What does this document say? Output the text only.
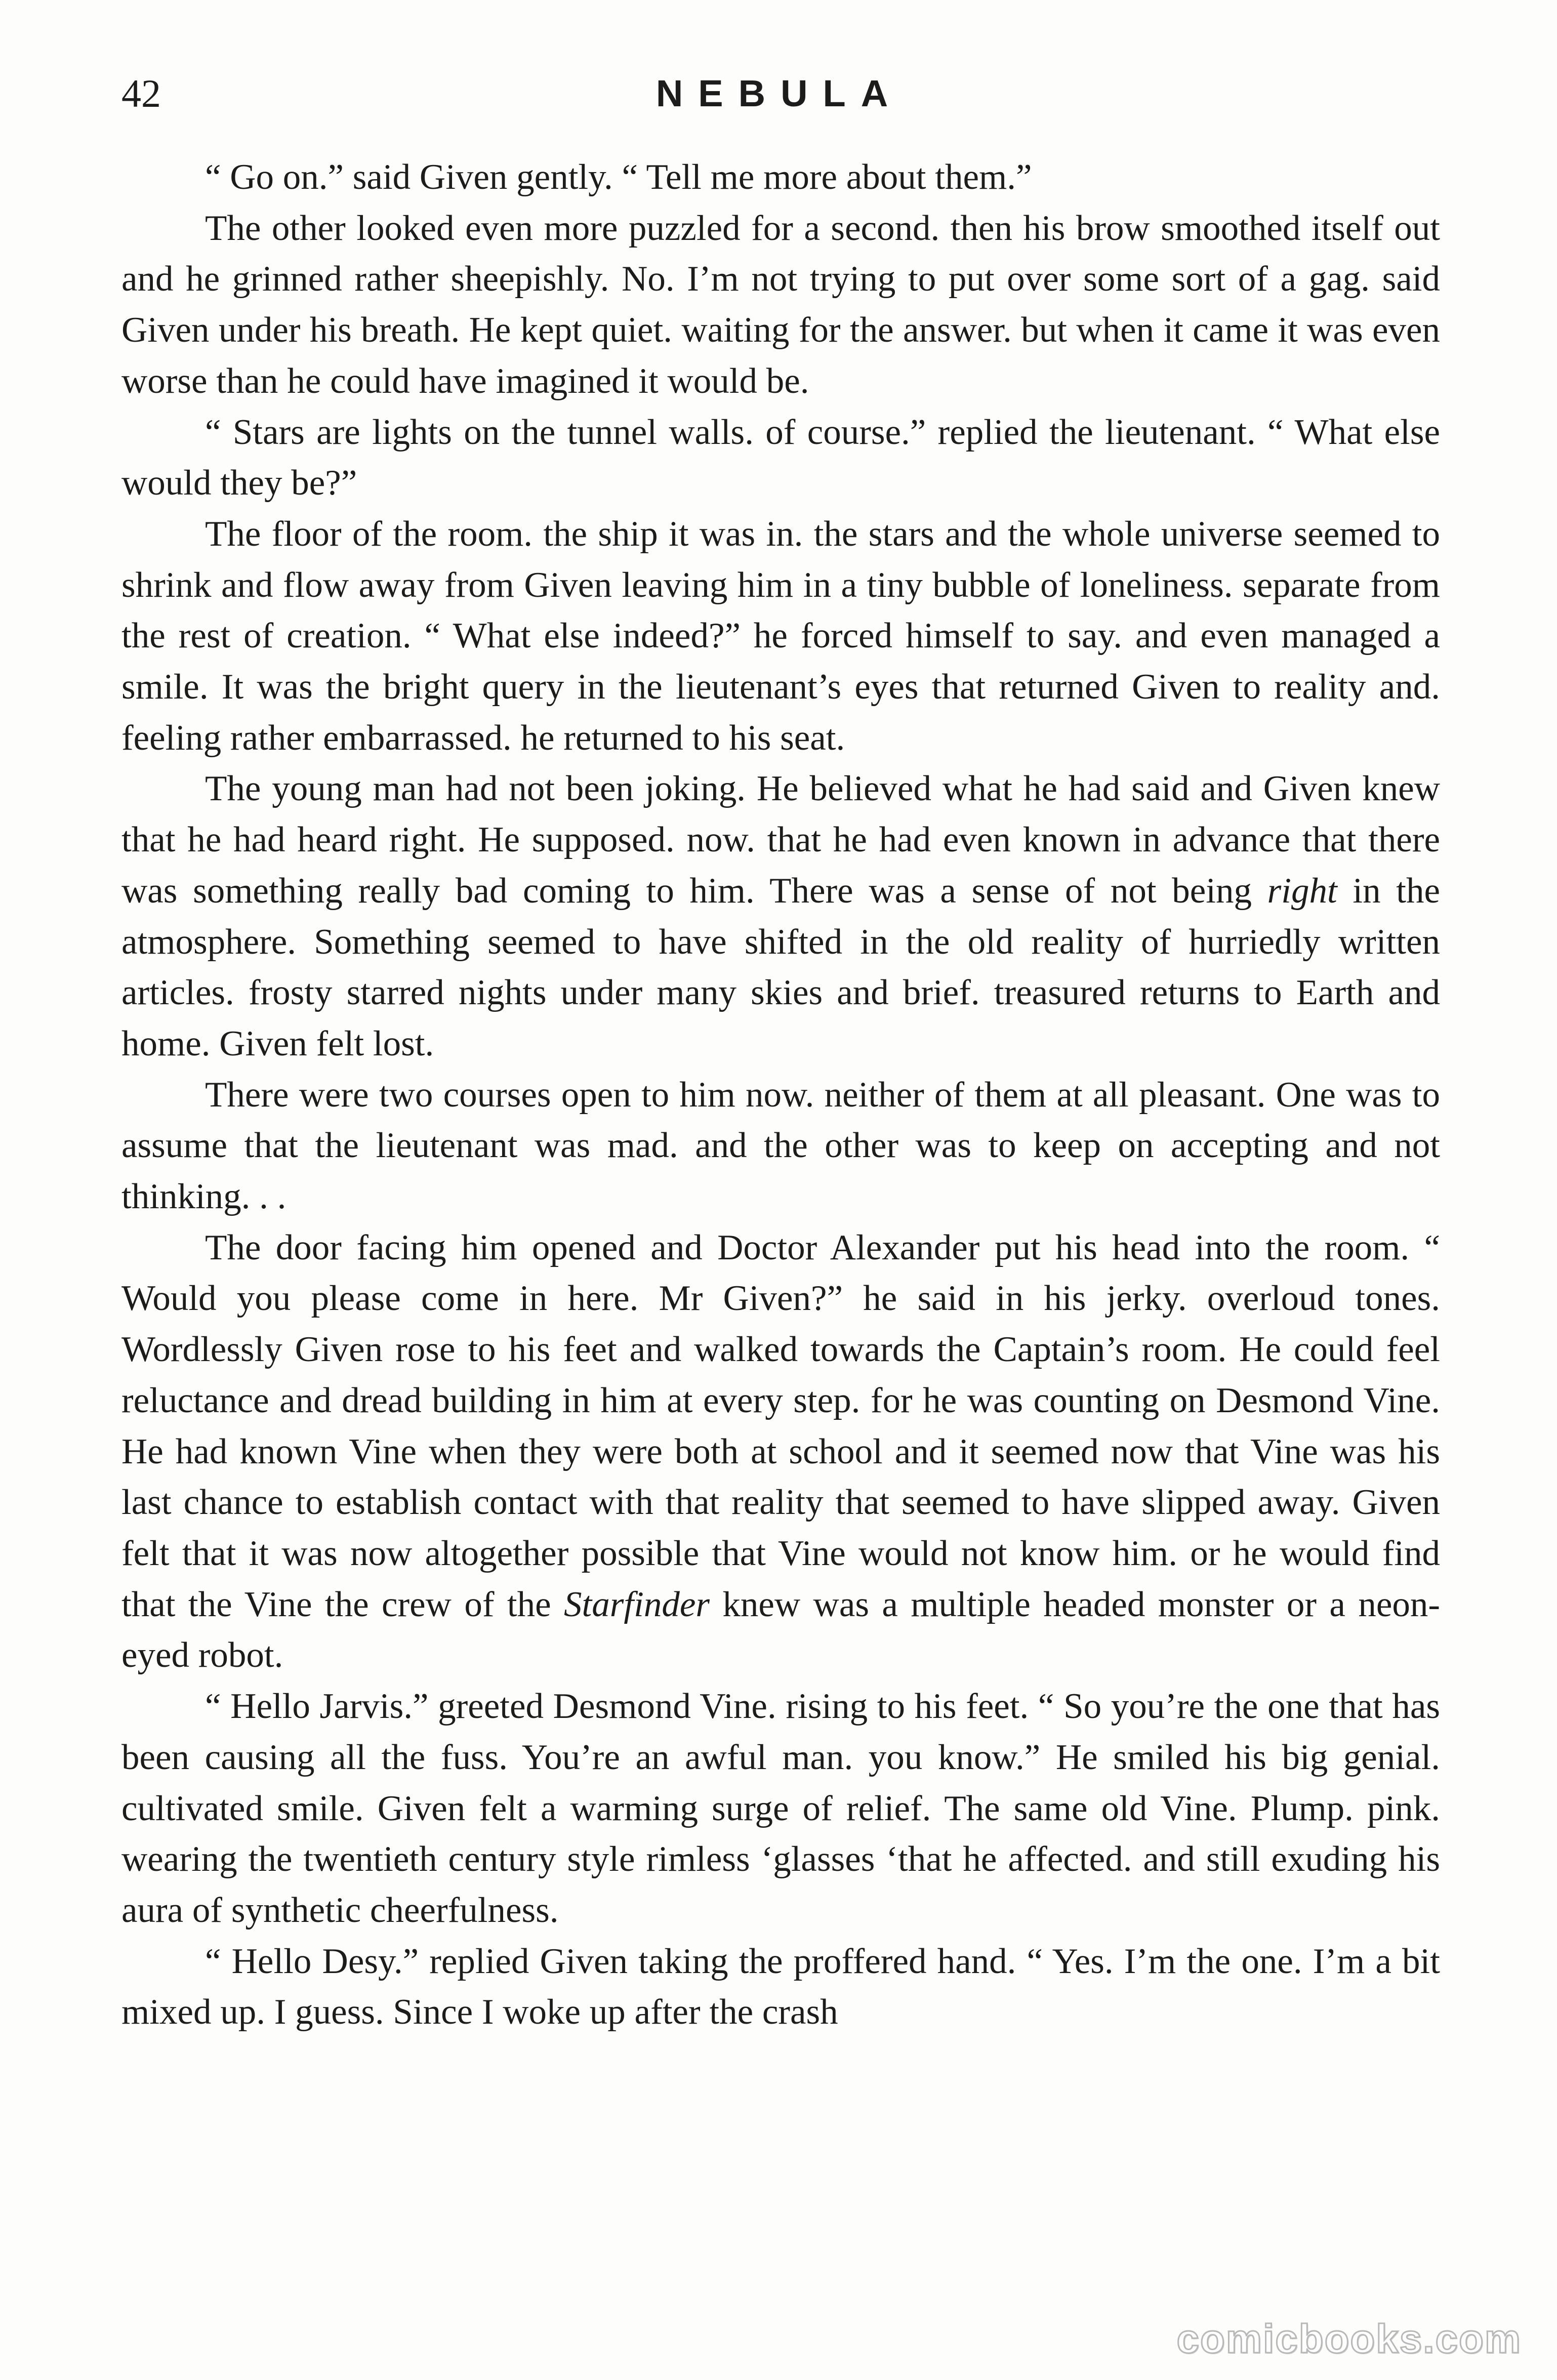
42	NEBULA

“ Go on.” said Given gently. “ Tell me more about them.”

The other looked even more puzzled for a second. then his brow smoothed itself out and he grinned rather sheepishly. No. I’m not trying to put over some sort of a gag. said Given under his breath. He kept quiet. waiting for the answer. but when it came it was even worse than he could have imagined it would be.

“ Stars are lights on the tunnel walls. of course.” replied the lieutenant. “ What else would they be?”

The floor of the room. the ship it was in. the stars and the whole universe seemed to shrink and flow away from Given leaving him in a tiny bubble of loneliness. separate from the rest of creation. “ What else indeed?” he forced himself to say. and even managed a smile. It was the bright query in the lieutenant’s eyes that returned Given to reality and. feeling rather embarrassed. he returned to his seat.

The young man had not been joking. He believed what he had said and Given knew that he had heard right. He supposed. now. that he had even known in advance that there was something really bad coming to him. There was a sense of not being right in the atmosphere. Something seemed to have shifted in the old reality of hurriedly written articles. frosty starred nights under many skies and brief. treasured returns to Earth and home. Given felt lost.

There were two courses open to him now. neither of them at all pleasant. One was to assume that the lieutenant was mad. and the other was to keep on accepting and not thinking. . .

The door facing him opened and Doctor Alexander put his head into the room. “ Would you please come in here. Mr Given?” he said in his jerky. overloud tones. Wordlessly Given rose to his feet and walked towards the Captain’s room. He could feel reluctance and dread building in him at every step. for he was counting on Desmond Vine. He had known Vine when they were both at school and it seemed now that Vine was his last chance to establish contact with that reality that seemed to have slipped away. Given felt that it was now altogether possible that Vine would not know him. or he would find that the Vine the crew of the Starfinder knew was a multiple headed monster or a neon-eyed robot.

“ Hello Jarvis.” greeted Desmond Vine. rising to his feet. “ So you’re the one that has been causing all the fuss. You’re an awful man. you know.” He smiled his big genial. cultivated smile. Given felt a warming surge of relief. The same old Vine. Plump. pink. wearing the twentieth century style rimless ‘glasses ‘that he affected. and still exuding his aura of synthetic cheerfulness.

“ Hello Desy.” replied Given taking the proffered hand. “ Yes. I’m the one. I’m a bit mixed up. I guess. Since I woke up after the crash

comicbooks.com
